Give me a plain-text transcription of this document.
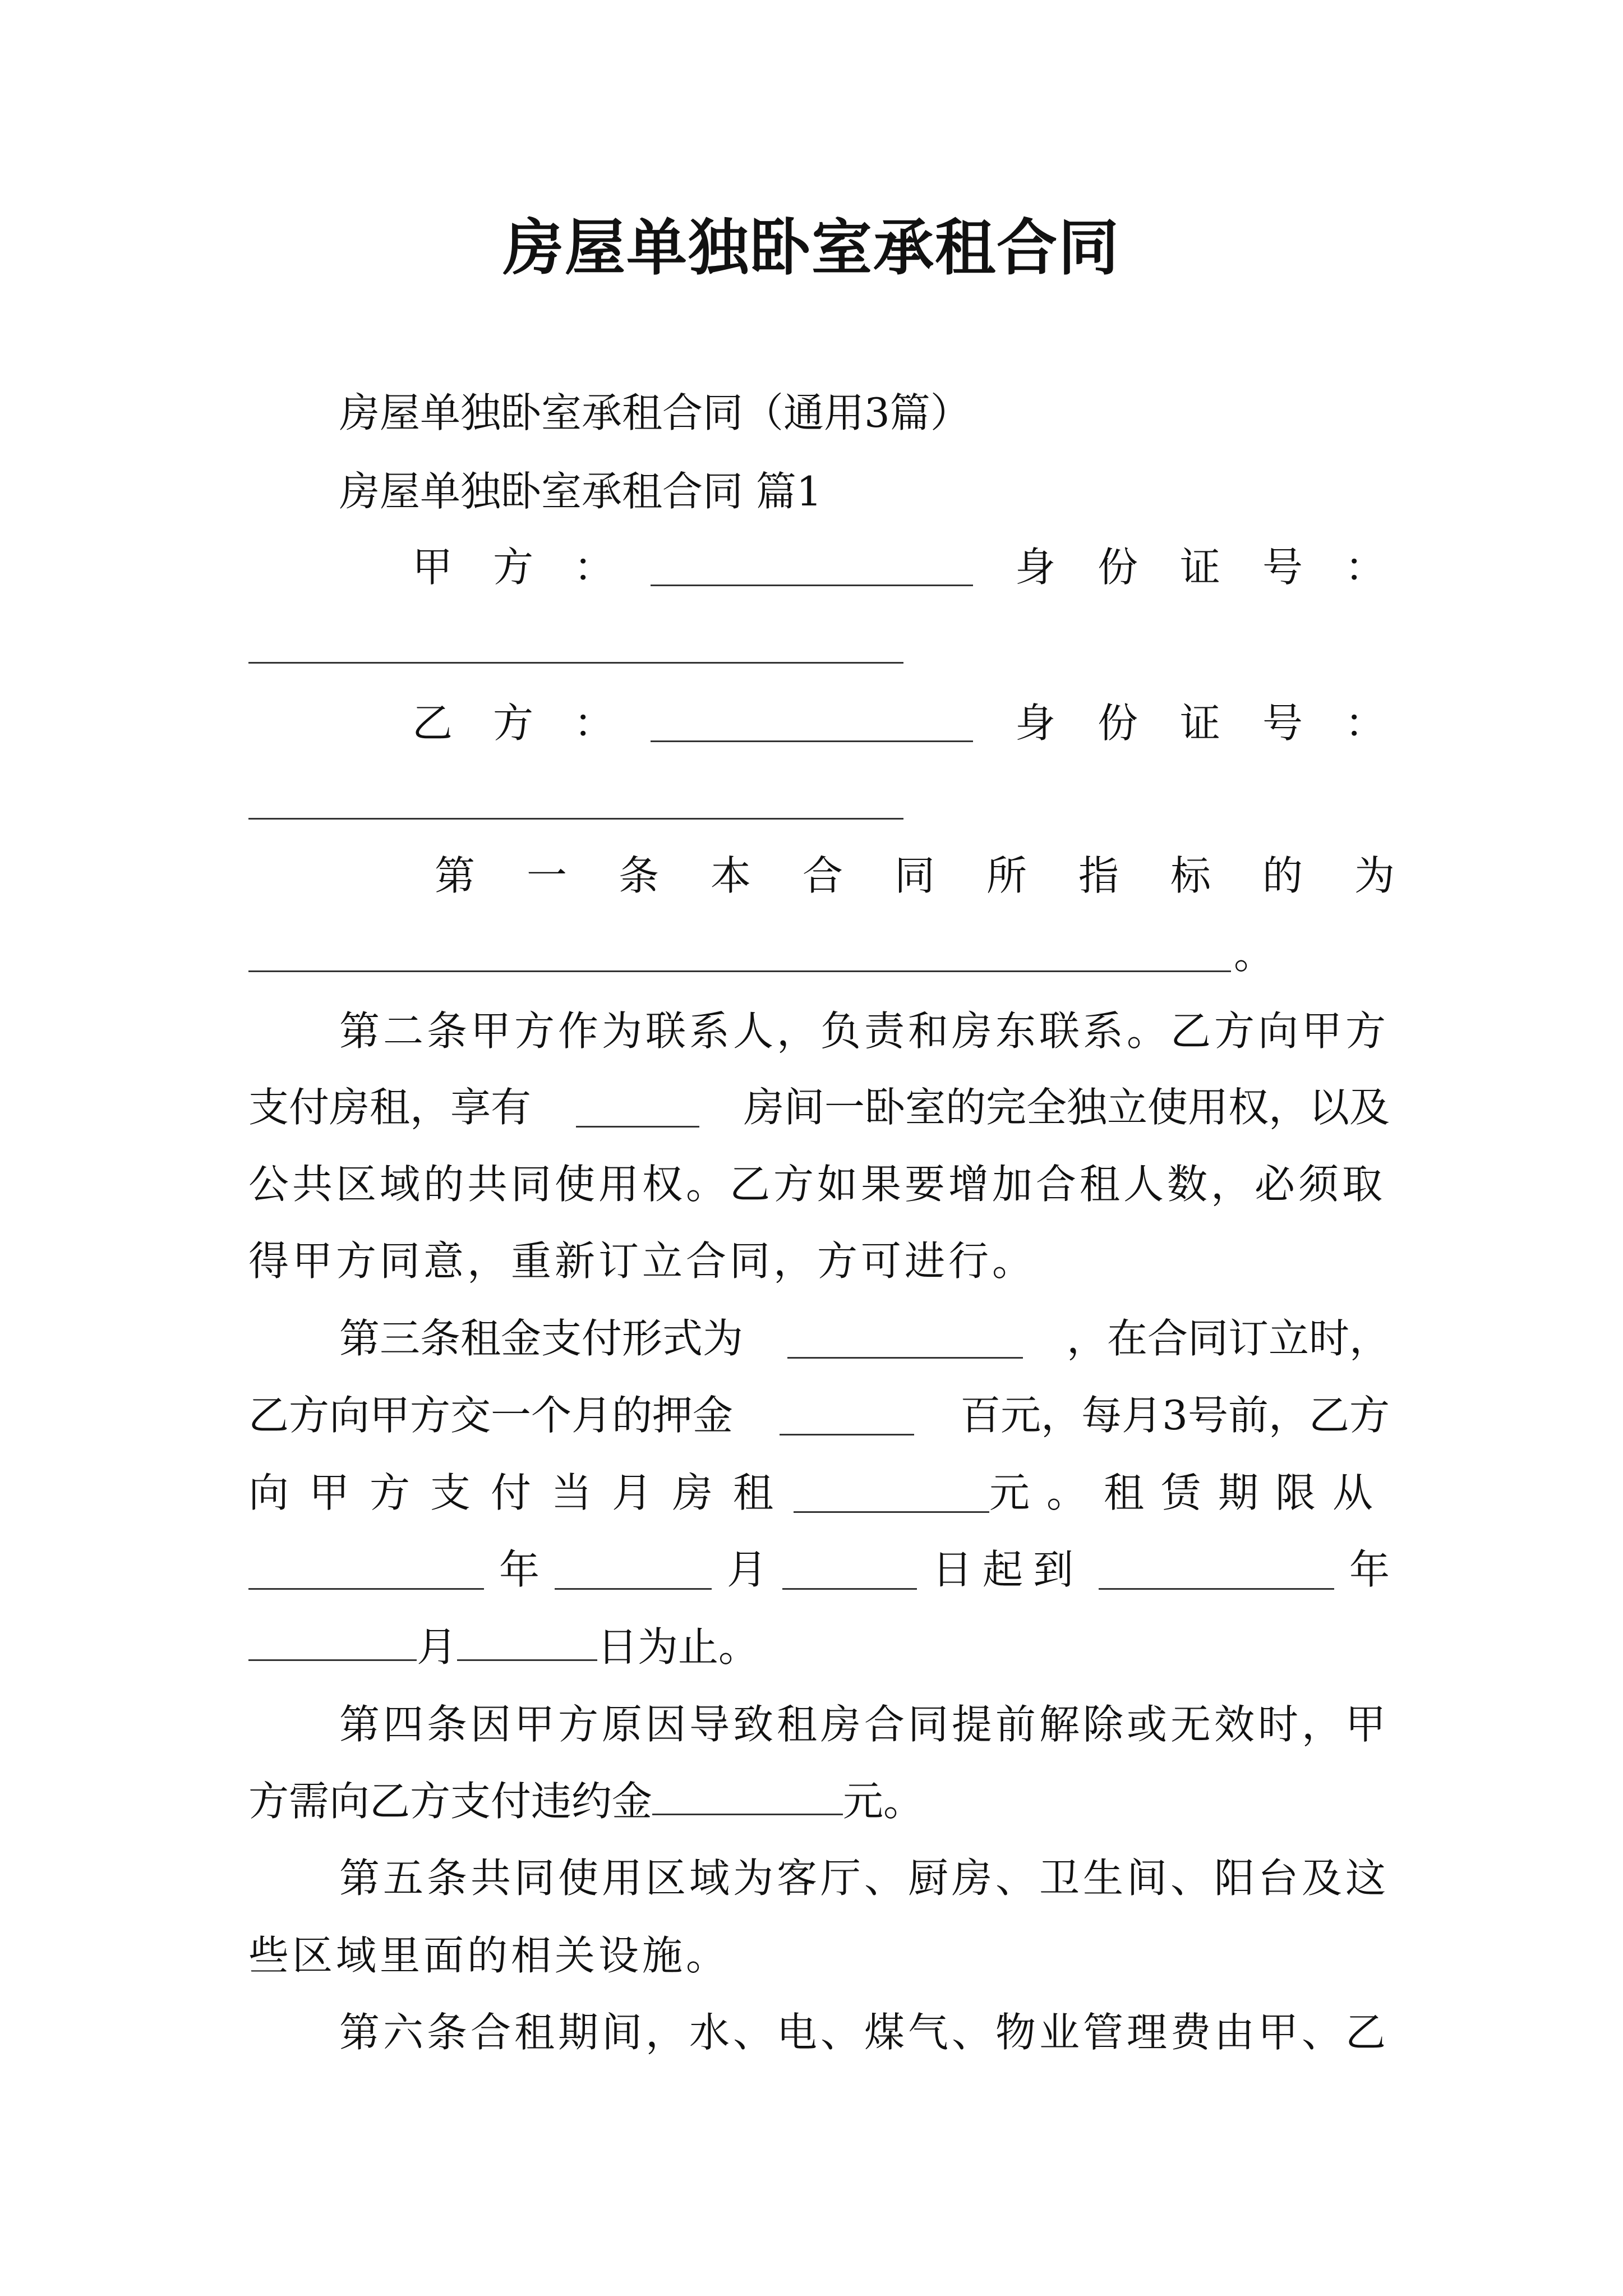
房屋单独卧室承租合同
房屋单独卧室承租合同（通用3篇）
房屋单独卧室承租合同 篇1
甲方：	身份证号：
乙方：	身份证号：
第一条本合同所指标的为
。
第二条甲方作为联系人，负责和房东联系。乙方向甲方
支付房租，享有	房间一卧室的完全独立使用权，以及
公共区域的共同使用权。乙方如果要增加合租人数，必须取
得甲方同意，重新订立合同，方可进行。
第三条租金支付形式为	，在合同订立时，
乙方向甲方交一个月的押金	百元，每月3号前，乙方
向甲方支付当月房租	元。租赁期限从
年	月	日起到	年
月	日为止。
第四条因甲方原因导致租房合同提前解除或无效时，甲
方需向乙方支付违约金	元。
第五条共同使用区域为客厅、厨房、卫生间、阳台及这
些区域里面的相关设施。
第六条合租期间，水、电、煤气、物业管理费由甲、乙
